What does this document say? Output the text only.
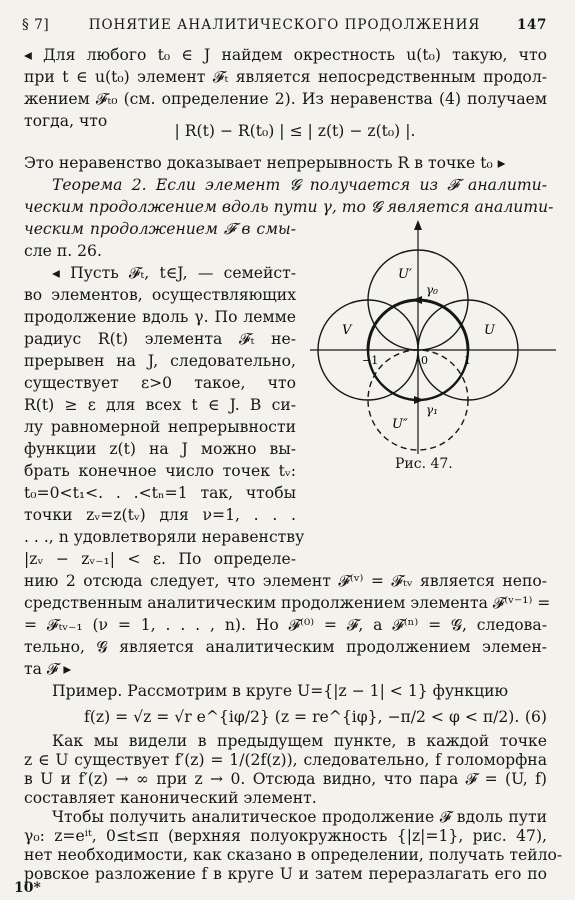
§ 7]	ПОНЯТИЕ АНАЛИТИЧЕСКОГО ПРОДОЛЖЕНИЯ	147
◂ Для любого t₀ ∈ J найдем окрестность u(t₀) такую, что
при t ∈ u(t₀) элемент 𝓕ₜ является непосредственным продол-
жением 𝓕ₜ₀ (см. определение 2). Из неравенства (4) получаем
тогда, что
| R(t) − R(t₀) | ≤ | z(t) − z(t₀) |.
Это неравенство доказывает непрерывность R в точке t₀ ▸
Теорема 2. Если элемент 𝓖 получается из 𝓕 аналити-
ческим продолжением вдоль пути γ, то 𝓖 является аналити-
ческим продолжением 𝓕 в смы-
сле п. 26.
◂ Пусть 𝓕ₜ, t∈J, — семейст-
во элементов, осуществляющих
продолжение вдоль γ. По лемме
радиус R(t) элемента 𝓕ₜ не-
прерывен на J, следовательно,
существует ε>0 такое, что
R(t) ≥ ε для всех t ∈ J. В си-
лу равномерной непрерывности
функции z(t) на J можно вы-
брать конечное число точек tᵥ:
t₀=0<t₁<. . .<tₙ=1 так, чтобы
точки zᵥ=z(tᵥ) для ν=1, . . .
. . ., n удовлетворяли неравенству
|zᵥ − zᵥ₋₁| < ε. По определе-
нию 2 отсюда следует, что элемент 𝓕⁽ᵛ⁾ = 𝓕ₜᵥ является непо-
средственным аналитическим продолжением элемента 𝓕⁽ᵛ⁻¹⁾ =
= 𝓕ₜᵥ₋₁ (ν = 1, . . . , n). Но 𝓕⁽⁰⁾ = 𝓕, а 𝓕⁽ⁿ⁾ = 𝓖, следова-
тельно, 𝓖 является аналитическим продолжением элемен-
та 𝓕 ▸
Пример. Рассмотрим в круге U={|z − 1| < 1} функцию
f(z) = √z = √r e^{iφ/2} (z = re^{iφ}, −π/2 < φ < π/2). (6)
Как мы видели в предыдущем пункте, в каждой точке
z ∈ U существует f′(z) = 1/(2f(z)), следовательно, f голоморфна
в U и f′(z) → ∞ при z → 0. Отсюда видно, что пара 𝓕 = (U, f)
составляет канонический элемент.
Чтобы получить аналитическое продолжение 𝓕 вдоль пути
γ₀: z=eⁱᵗ, 0≤t≤π (верхняя полуокружность {|z|=1}, рис. 47),
нет необходимости, как сказано в определении, получать тейло-
ровское разложение f в круге U и затем переразлагать его по
U′
V	U
U″
γ₀
γ₁
−1	1
0
Рис. 47.
10*
